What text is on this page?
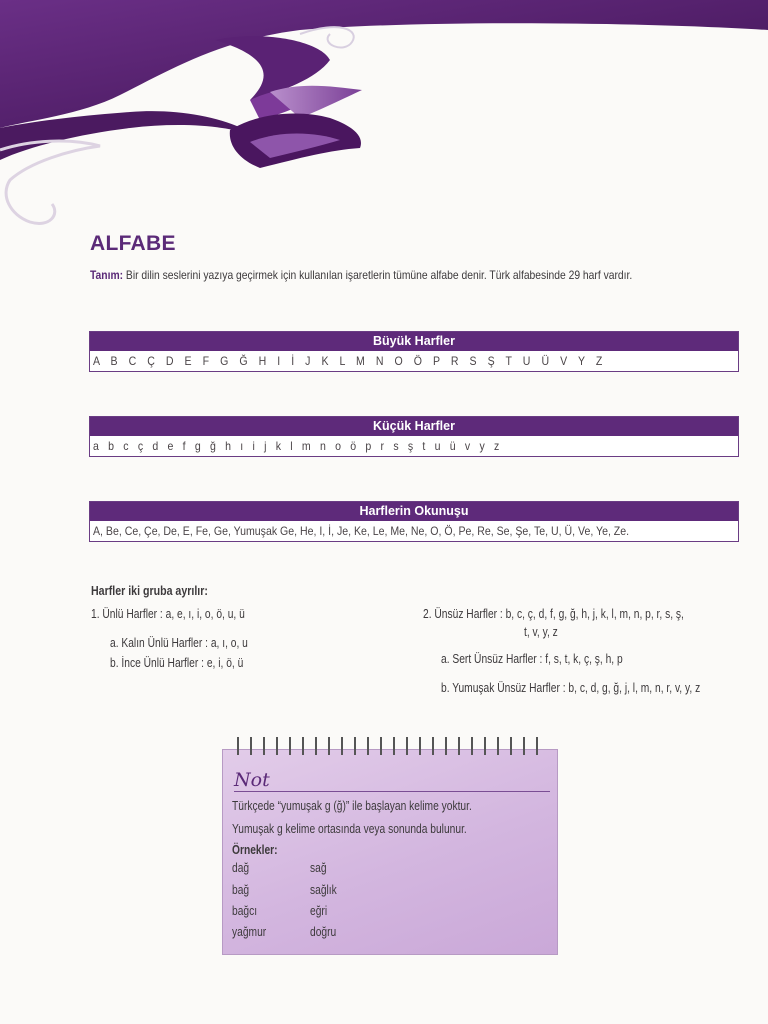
ALFABE
Tanım: Bir dilin seslerini yazıya geçirmek için kullanılan işaretlerin tümüne alfabe denir. Türk alfabesinde 29 harf vardır.
Büyük Harfler
A B C Ç D E F G Ğ H I İ J K L M N O Ö P R S Ş T U Ü V Y Z
Küçük Harfler
a b c ç d e f g ğ h ı i j k l m n o ö p r s ş t u ü v y z
Harflerin Okunuşu
A, Be, Ce, Çe, De, E, Fe, Ge, Yumuşak Ge, He, I, İ, Je, Ke, Le, Me, Ne, O, Ö, Pe, Re, Se, Şe, Te, U, Ü, Ve, Ye, Ze.
Harfler iki gruba ayrılır:
1. Ünlü Harfler : a, e, ı, i, o, ö, u, ü
a. Kalın Ünlü Harfler : a, ı, o, u
b. İnce Ünlü Harfler : e, i, ö, ü
2. Ünsüz Harfler : b, c, ç, d, f, g, ğ, h, j, k, l, m, n, p, r, s, ş,
t, v, y, z
a. Sert Ünsüz Harfler : f, s, t, k, ç, ş, h, p
b. Yumuşak Ünsüz Harfler : b, c, d, g, ğ, j, l, m, n, r, v, y, z
Not
Türkçede “yumuşak g (ğ)” ile başlayan kelime yoktur.
Yumuşak g kelime ortasında veya sonunda bulunur.
Örnekler:
dağ
bağ
bağcı
yağmur
sağ
sağlık
eğri
doğru
